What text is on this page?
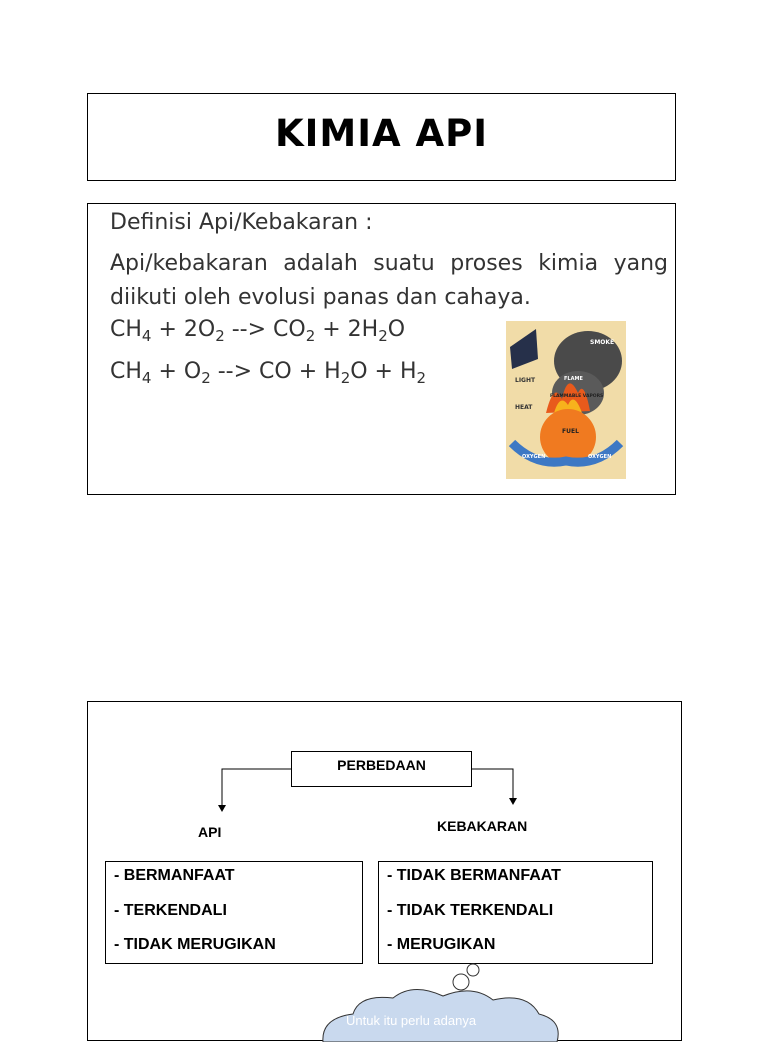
KIMIA API
Definisi Api/Kebakaran :
Api/kebakaran adalah suatu proses kimia yang diikuti oleh evolusi panas dan cahaya.
$CH_4 + 2O_2$ --> $CO_2 + 2H_2O$
$CH_4 + O_2$ --> CO + $H_2O + H_2$
SMOKE
LIGHT	FLAME
HEAT
FLAMMABLE VAPORS
FUEL
OXYGEN	OXYGEN
PERBEDAAN
API	KEBAKARAN
- BERMANFAAT
- TERKENDALI
- TIDAK MERUGIKAN
- TIDAK BERMANFAAT
- TIDAK TERKENDALI
- MERUGIKAN
Untuk itu perlu adanya
